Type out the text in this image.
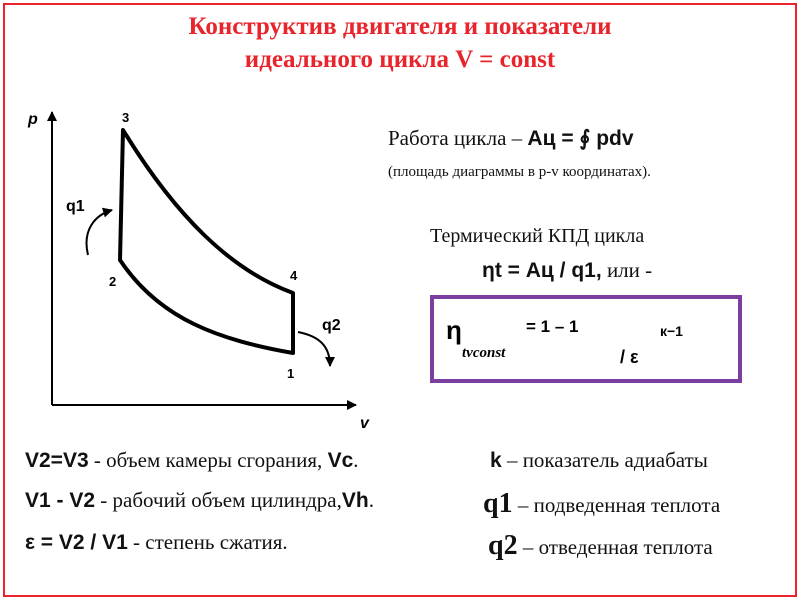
Конструктив двигателя и показатели
идеального цикла V = const
p
v
1
2
3
4
q1
q2
Работа цикла – Ац = ∮ pdv
(площадь диаграммы в p-v координатах).
Термический КПД цикла
ηt = Ац / q1, или -
η
tvconst
= 1 – 1
/ ε
к−1
V2=V3 - объем камеры сгорания, Vc.
V1 - V2 - рабочий объем цилиндра,Vh.
ε = V2 / V1 - степень сжатия.
k – показатель адиабаты
q1 – подведенная теплота
q2 – отведенная теплота
